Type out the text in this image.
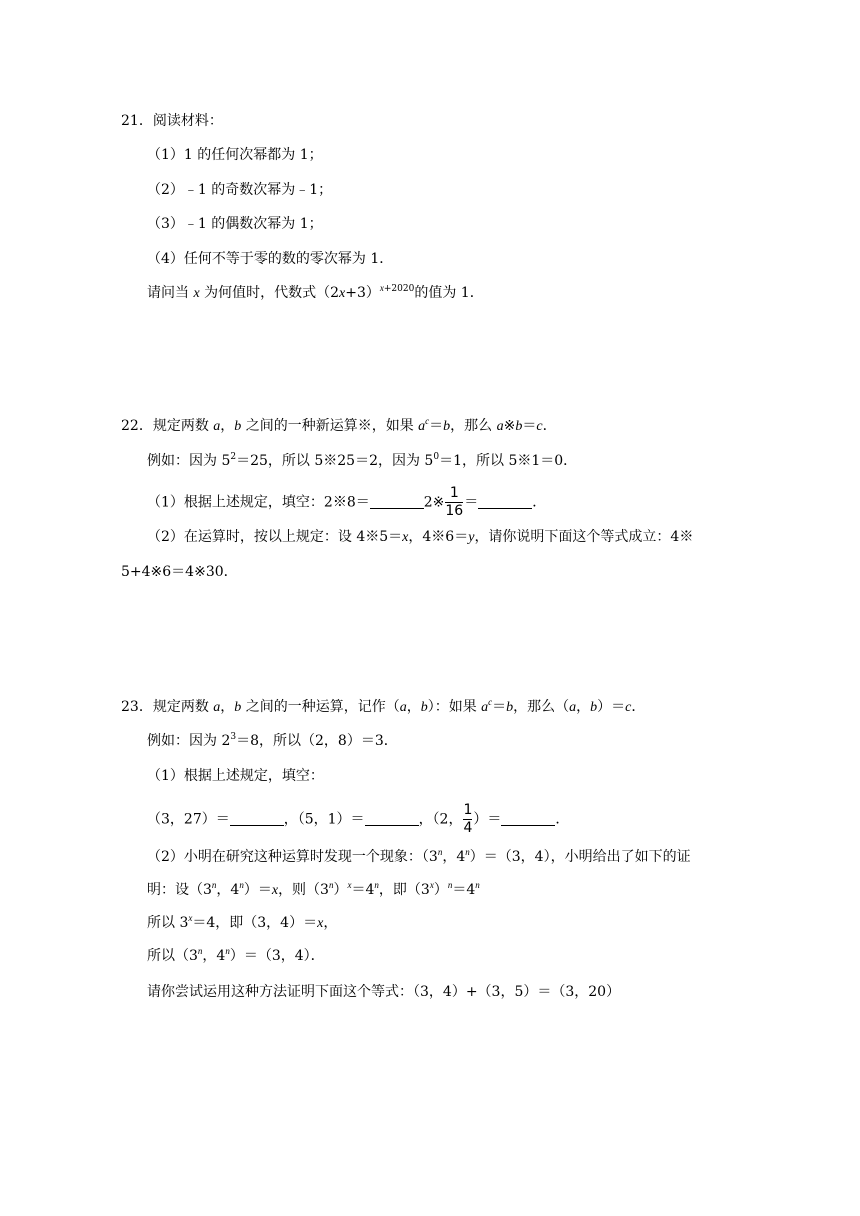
21．阅读材料：
（1）1 的任何次幂都为 1；
（2）﹣1 的奇数次幂为﹣1；
（3）﹣1 的偶数次幂为 1；
（4）任何不等于零的数的零次幂为 1．
请问当 x 为何值时，代数式$(2x+3)^{x+2020}$的值为 1．
22．规定两数 a，b 之间的一种新运算※，如果 $a^c=b$，那么 a※b＝c．
例如：因为 $5^2=25$，所以 5※25＝2，因为 $5^0=1$，所以 5※1＝0．
（1）根据上述规定，填空：2※8＝	2※ $\frac{1}{16}$ ＝	．
（2）在运算时，按以上规定：设 4※5＝x，4※6＝y，请你说明下面这个等式成立：4※
5+4※6＝4※30．
23．规定两数 a，b 之间的一种运算，记作（a，b）：如果 $a^c=b$，那么（a，b）＝c．
例如：因为 $2^3=8$，所以（2，8）＝3．
（1）根据上述规定，填空：
（3，27）＝	，（5，1）＝	，（2， $\frac{1}{4}$ ）＝	．
（2）小明在研究这种运算时发现一个现象：（3$^n$，$4^n)=(3$，4），小明给出了如下的证
明：设（3$^n$，$4^n)=x$，则$(3^n)^x=4^n$，即$(3^x)^n=4^n$
所以 $3^x=4$，即（3，4）＝x，
所以（3$^n$，$4^n)=(3$，4）．
请你尝试运用这种方法证明下面这个等式：（3，4）+（3，5）＝（3，20）
